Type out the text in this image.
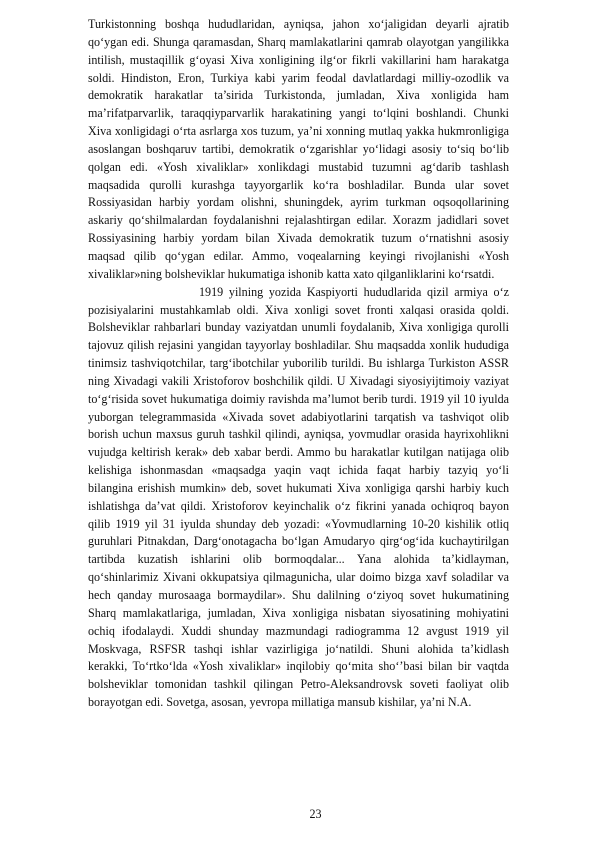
Turkistonning boshqa hududlaridan, ayniqsa, jahon xo‘jaligidan deyarli ajratib qo‘ygan edi. Shunga qaramasdan, Sharq mamlakatlarini qamrab olayotgan yangilikka intilish, mustaqillik g‘oyasi Xiva xonligining ilg‘or fikrli vakillarini ham harakatga soldi. Hindiston, Eron, Turkiya kabi yarim feodal davlatlardagi milliy-ozodlik va demokratik harakatlar ta’sirida Turkistonda, jumladan, Xiva xonligida ham ma’rifatparvarlik, taraqqiyparvarlik harakatining yangi to‘lqini boshlandi. Chunki Xiva xonligidagi o‘rta asrlarga xos tuzum, ya’ni xonning mutlaq yakka hukmronligiga asoslangan boshqaruv tartibi, demokratik o‘zgarishlar yo‘lidagi asosiy to‘siq bo‘lib qolgan edi. «Yosh xivaliklar» xonlikdagi mustabid tuzumni ag‘darib tashlash maqsadida qurolli kurashga tayyorgarlik ko‘ra boshladilar. Bunda ular sovet Rossiyasidan harbiy yordam olishni, shuningdek, ayrim turkman oqsoqollarining askariy qo‘shilmalardan foydalanishni rejalashtirgan edilar. Xorazm jadidlari sovet Rossiyasining harbiy yordam bilan Xivada demokratik tuzum o‘rnatishni asosiy maqsad qilib qo‘ygan edilar. Ammo, voqealarning keyingi rivojlanishi «Yosh xivaliklar»ning bolsheviklar hukumatiga ishonib katta xato qilganliklarini ko‘rsatdi.

1919 yilning yozida Kaspiyorti hududlarida qizil armiya o‘z pozisiyalarini mustahkamlab oldi. Xiva xonligi sovet fronti xalqasi orasida qoldi. Bolsheviklar rahbarlari bunday vaziyatdan unumli foydalanib, Xiva xonligiga qurolli tajovuz qilish rejasini yangidan tayyorlay boshladilar. Shu maqsadda xonlik hududiga tinimsiz tashviqotchilar, targ‘ibotchilar yuborilib turildi. Bu ishlarga Turkiston ASSR ning Xivadagi vakili Xristoforov boshchilik qildi. U Xivadagi siyosiyijtimoiy vaziyat to‘g‘risida sovet hukumatiga doimiy ravishda ma’lumot berib turdi. 1919 yil 10 iyulda yuborgan telegrammasida «Xivada sovet adabiyotlarini tarqatish va tashviqot olib borish uchun maxsus guruh tashkil qilindi, ayniqsa, yovmudlar orasida hayrixohlikni vujudga keltirish kerak» deb xabar berdi. Ammo bu harakatlar kutilgan natijaga olib kelishiga ishonmasdan «maqsadga yaqin vaqt ichida faqat harbiy tazyiq yo‘li bilangina erishish mumkin» deb, sovet hukumati Xiva xonligiga qarshi harbiy kuch ishlatishga da’vat qildi. Xristoforov keyinchalik o‘z fikrini yanada ochiqroq bayon qilib 1919 yil 31 iyulda shunday deb yozadi: «Yovmudlarning 10-20 kishilik otliq guruhlari Pitnakdan, Darg‘onotagacha bo‘lgan Amudaryo qirg‘og‘ida kuchaytirilgan tartibda kuzatish ishlarini olib bormoqdalar... Yana alohida ta’kidlayman, qo‘shinlarimiz Xivani okkupatsiya qilmagunicha, ular doimo bizga xavf soladilar va hech qanday murosaaga bormaydilar». Shu dalilning o‘ziyoq sovet hukumatining Sharq mamlakatlariga, jumladan, Xiva xonligiga nisbatan siyosatining mohiyatini ochiq ifodalaydi. Xuddi shunday mazmundagi radiogramma 12 avgust 1919 yil Moskvaga, RSFSR tashqi ishlar vazirligiga jo‘natildi. Shuni alohida ta’kidlash kerakki, To‘rtko‘lda «Yosh xivaliklar» inqilobiy qo‘mita sho‘’basi bilan bir vaqtda bolsheviklar tomonidan tashkil qilingan Petro-Aleksandrovsk soveti faoliyat olib borayotgan edi. Sovetga, asosan, yevropa millatiga mansub kishilar, ya’ni N.A.

23
